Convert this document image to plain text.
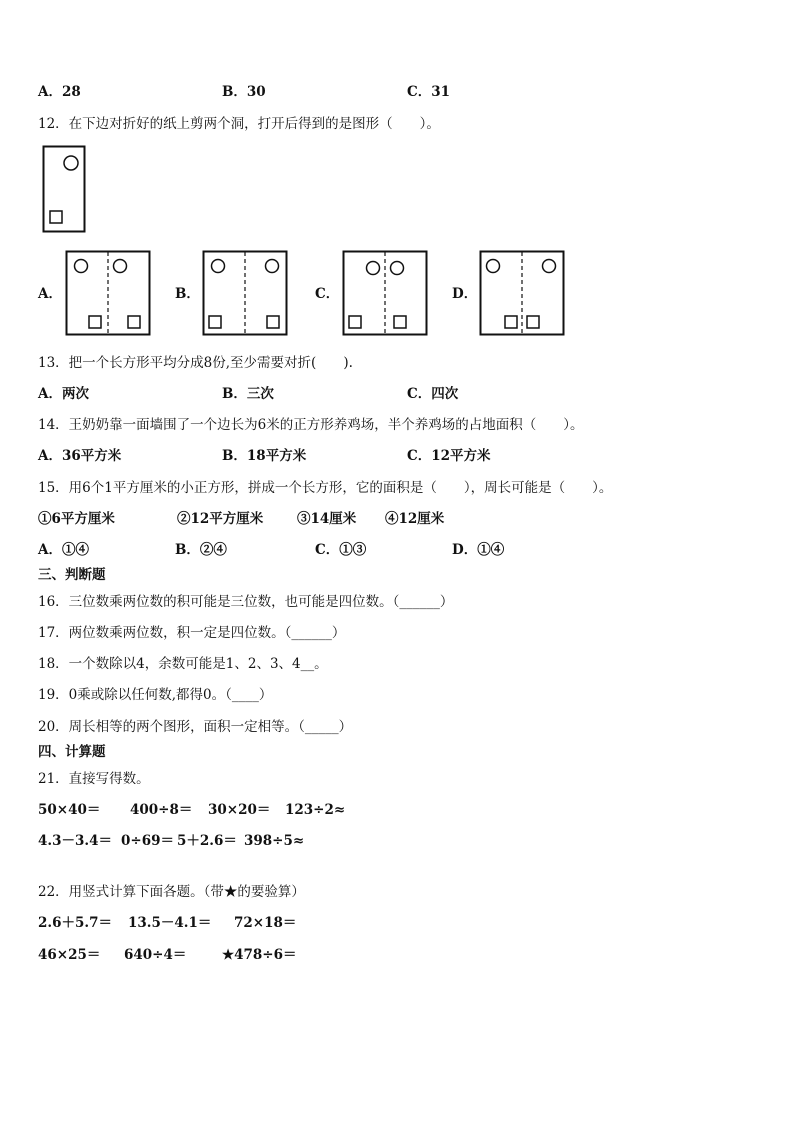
A．28	B．30	C．31
12．在下边对折好的纸上剪两个洞，打开后得到的是图形（　　）。
A．	B．	C．	D．
13．把一个长方形平均分成8份,至少需要对折(　　).
A．两次	B．三次	C．四次
14．王奶奶靠一面墙围了一个边长为6米的正方形养鸡场，半个养鸡场的占地面积（　　）。
A．36平方米	B．18平方米	C．12平方米
15．用6个1平方厘米的小正方形，拼成一个长方形，它的面积是（　　），周长可能是（　　）。
①6平方厘米	②12平方厘米 ③14厘米 ④12厘米
A．①④	B．②④	C．①③	D．①④
三、判断题
16．三位数乘两位数的积可能是三位数，也可能是四位数。（______）
17．两位数乘两位数，积一定是四位数。（______）
18．一个数除以4，余数可能是1、2、3、4__。
19．0乘或除以任何数,都得0。（____）
20．周长相等的两个图形，面积一定相等。（_____）
四、计算题
21．直接写得数。
50×40＝ 400÷8＝ 30×20＝ 123÷2≈
4.3－3.4＝ 0÷69＝ 5＋2.6＝ 398÷5≈
22．用竖式计算下面各题。（带★的要验算）
2.6＋5.7＝ 13.5－4.1＝ 72×18＝
46×25＝ 640÷4＝	★478÷6＝
